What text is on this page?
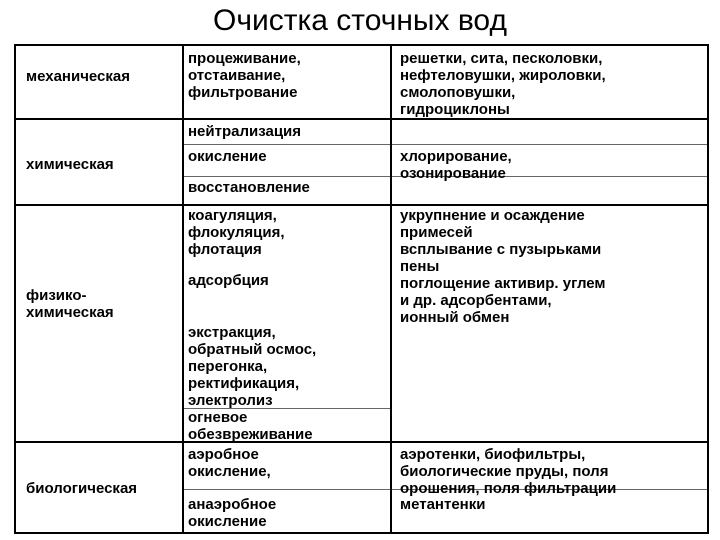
Очистка сточных вод
механическая
процеживание,
отстаивание,
фильтрование
решетки, сита, песколовки,
нефтеловушки, жироловки,
смолоповушки,
гидроциклоны
химическая
нейтрализация
окисление	хлорирование,
озонирование
восстановление
физико-
химическая
коагуляция,
флокуляция,
флотация
укрупнение и осаждение
примесей
всплывание с пузырьками
пены
поглощение активир. углем
и др. адсорбентами,
ионный обмен
адсорбция
экстракция,
обратный осмос,
перегонка,
ректификация,
электролиз
огневое
обезвреживание
биологическая
аэробное
окисление,
аэротенки, биофильтры,
биологические пруды, поля
орошения, поля фильтрации
анаэробное
окисление
метантенки
